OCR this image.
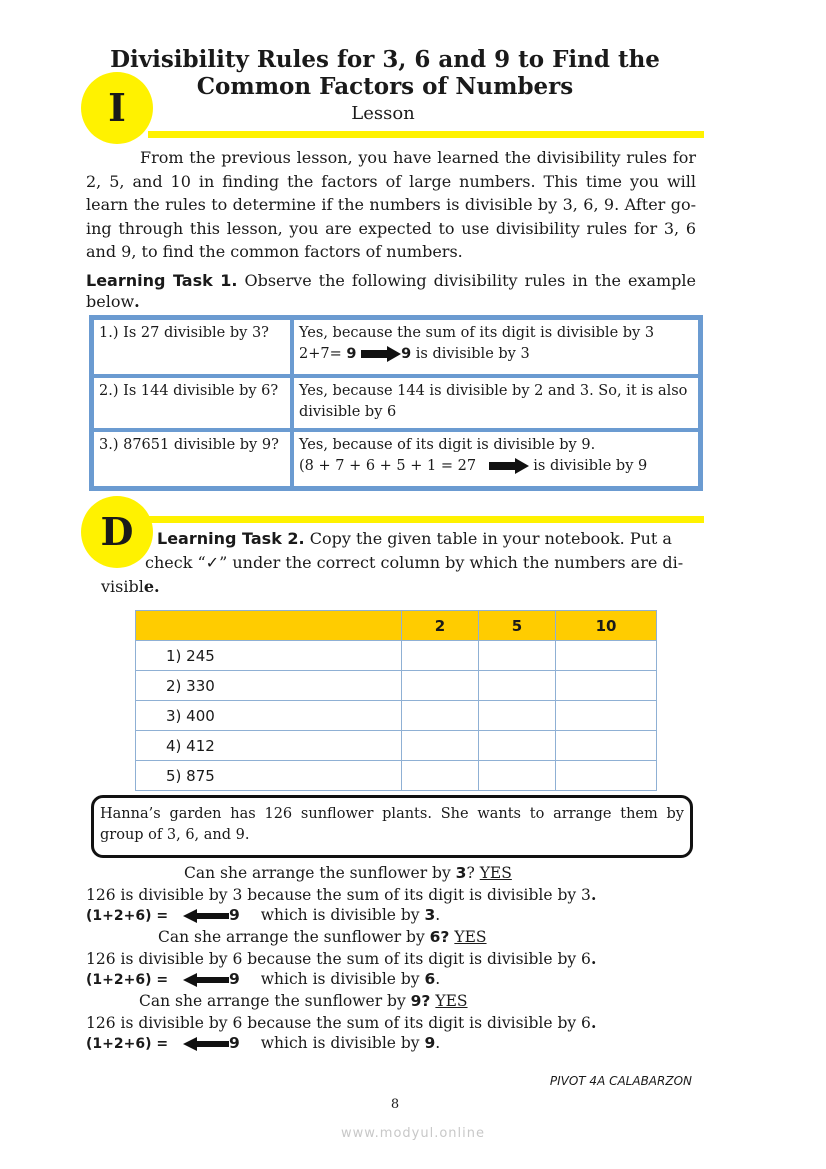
Divisibility Rules for 3, 6 and 9 to Find the
Common Factors of Numbers
Lesson
I
From the previous lesson, you have learned the divisibility rules for 2, 5, and 10 in finding the factors of large numbers. This time you will learn the rules to determine if the numbers is divisible by 3, 6, 9. After going through this lesson, you are expected to use divisibility rules for 3, 6 and 9, to find the common factors of numbers.
Learning Task 1. Observe the following divisibility rules in the example below.
1.) Is 27 divisible by 3?	Yes, because the sum of its digit is divisible by 3
2+7= 9 9 is divisible by 3

2.) Is 144 divisible by 6?	Yes, because 144 is divisible by 2 and 3. So, it is also divisible by 6
3.) 87651 divisible by 9?	Yes, because of its digit is divisible by 9.
(8 + 7 + 6 + 5 + 1 = 27 is divisible by 9
D	Learning Task 2. Copy the given table in your notebook. Put a
check “✓” under the correct column by which the numbers are di-
visible.
	2	5	10
1) 245			
2) 330			
3) 400			
4) 412			
5) 875			
Hanna’s garden has 126 sunflower plants. She wants to arrange them by group of 3, 6, and 9.
Can she arrange the sunflower by 3? YES
126 is divisible by 3 because the sum of its digit is divisible by 3.
(1+2+6) =	9 which is divisible by 3.
Can she arrange the sunflower by 6? YES
126 is divisible by 6 because the sum of its digit is divisible by 6.
(1+2+6) =	9 which is divisible by 6.
Can she arrange the sunflower by 9? YES
126 is divisible by 6 because the sum of its digit is divisible by 6.
(1+2+6) =	9 which is divisible by 9.
PIVOT 4A CALABARZON
8
www.modyul.online
